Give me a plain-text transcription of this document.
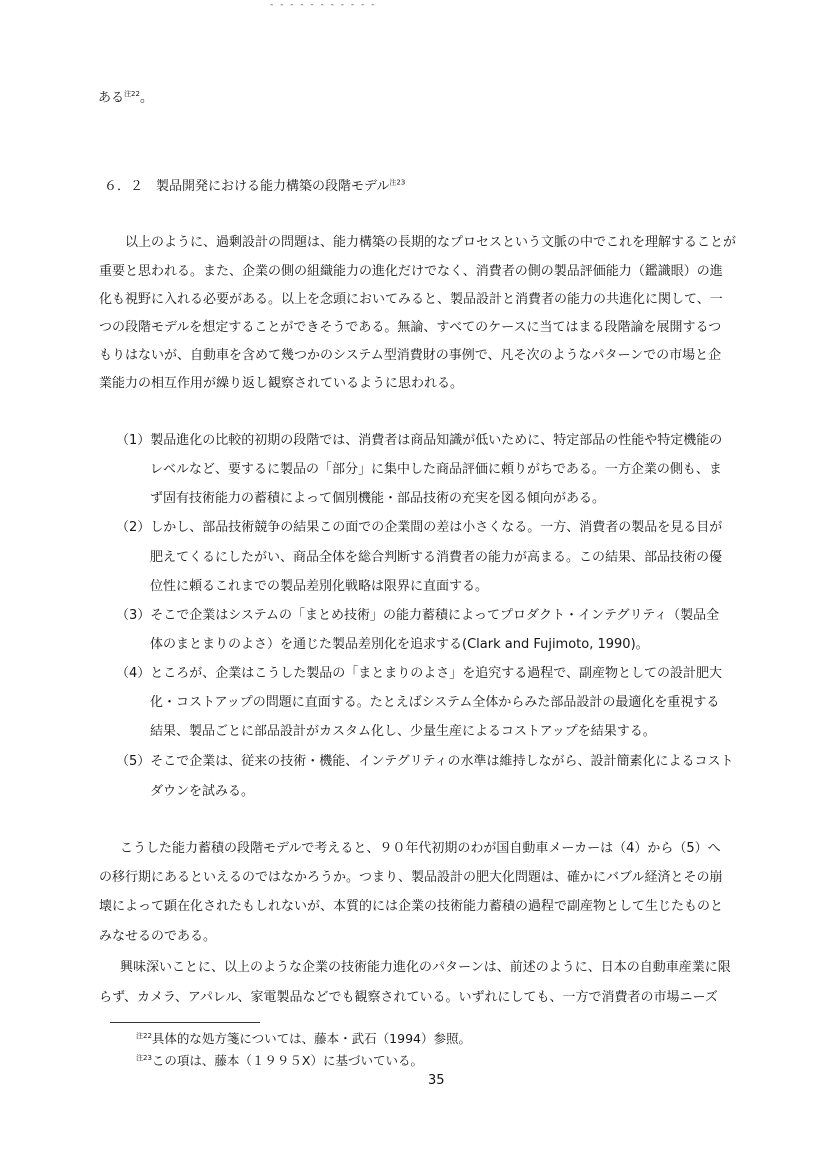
- - - - - - - - - - -
ある$^{注22}$。
６．２　製品開発における能力構築の段階モデル$^{注23}$
以上のように、過剰設計の問題は、能力構築の長期的なプロセスという文脈の中でこれを理解することが
重要と思われる。また、企業の側の組織能力の進化だけでなく、消費者の側の製品評価能力（鑑識眼）の進
化も視野に入れる必要がある。以上を念頭においてみると、製品設計と消費者の能力の共進化に関して、一
つの段階モデルを想定することができそうである。無論、すべてのケースに当てはまる段階論を展開するつ
もりはないが、自動車を含めて幾つかのシステム型消費財の事例で、凡そ次のようなパターンでの市場と企
業能力の相互作用が繰り返し観察されているように思われる。
（1）製品進化の比較的初期の段階では、消費者は商品知識が低いために、特定部品の性能や特定機能の
レベルなど、要するに製品の「部分」に集中した商品評価に頼りがちである。一方企業の側も、ま
ず固有技術能力の蓄積によって個別機能・部品技術の充実を図る傾向がある。
（2）しかし、部品技術競争の結果この面での企業間の差は小さくなる。一方、消費者の製品を見る目が
肥えてくるにしたがい、商品全体を総合判断する消費者の能力が高まる。この結果、部品技術の優
位性に頼るこれまでの製品差別化戦略は限界に直面する。
（3）そこで企業はシステムの「まとめ技術」の能力蓄積によってプロダクト・インテグリティ（製品全
体のまとまりのよさ）を通じた製品差別化を追求する(Clark and Fujimoto, 1990)。
（4）ところが、企業はこうした製品の「まとまりのよさ」を追究する過程で、副産物としての設計肥大
化・コストアップの問題に直面する。たとえばシステム全体からみた部品設計の最適化を重視する
結果、製品ごとに部品設計がカスタム化し、少量生産によるコストアップを結果する。
（5）そこで企業は、従来の技術・機能、インテグリティの水準は維持しながら、設計簡素化によるコスト
ダウンを試みる。
こうした能力蓄積の段階モデルで考えると、９０年代初期のわが国自動車メーカーは（4）から（5）へ
の移行期にあるといえるのではなかろうか。つまり、製品設計の肥大化問題は、確かにバブル経済とその崩
壊によって顕在化されたもしれないが、本質的には企業の技術能力蓄積の過程で副産物として生じたものと
みなせるのである。
興味深いことに、以上のような企業の技術能力進化のパターンは、前述のように、日本の自動車産業に限
らず、カメラ、アパレル、家電製品などでも観察されている。いずれにしても、一方で消費者の市場ニーズ
$^{注22}$具体的な処方箋については、藤本・武石（1994）参照。
$^{注23}$この項は、藤本（１９９５X）に基づいている。
35
